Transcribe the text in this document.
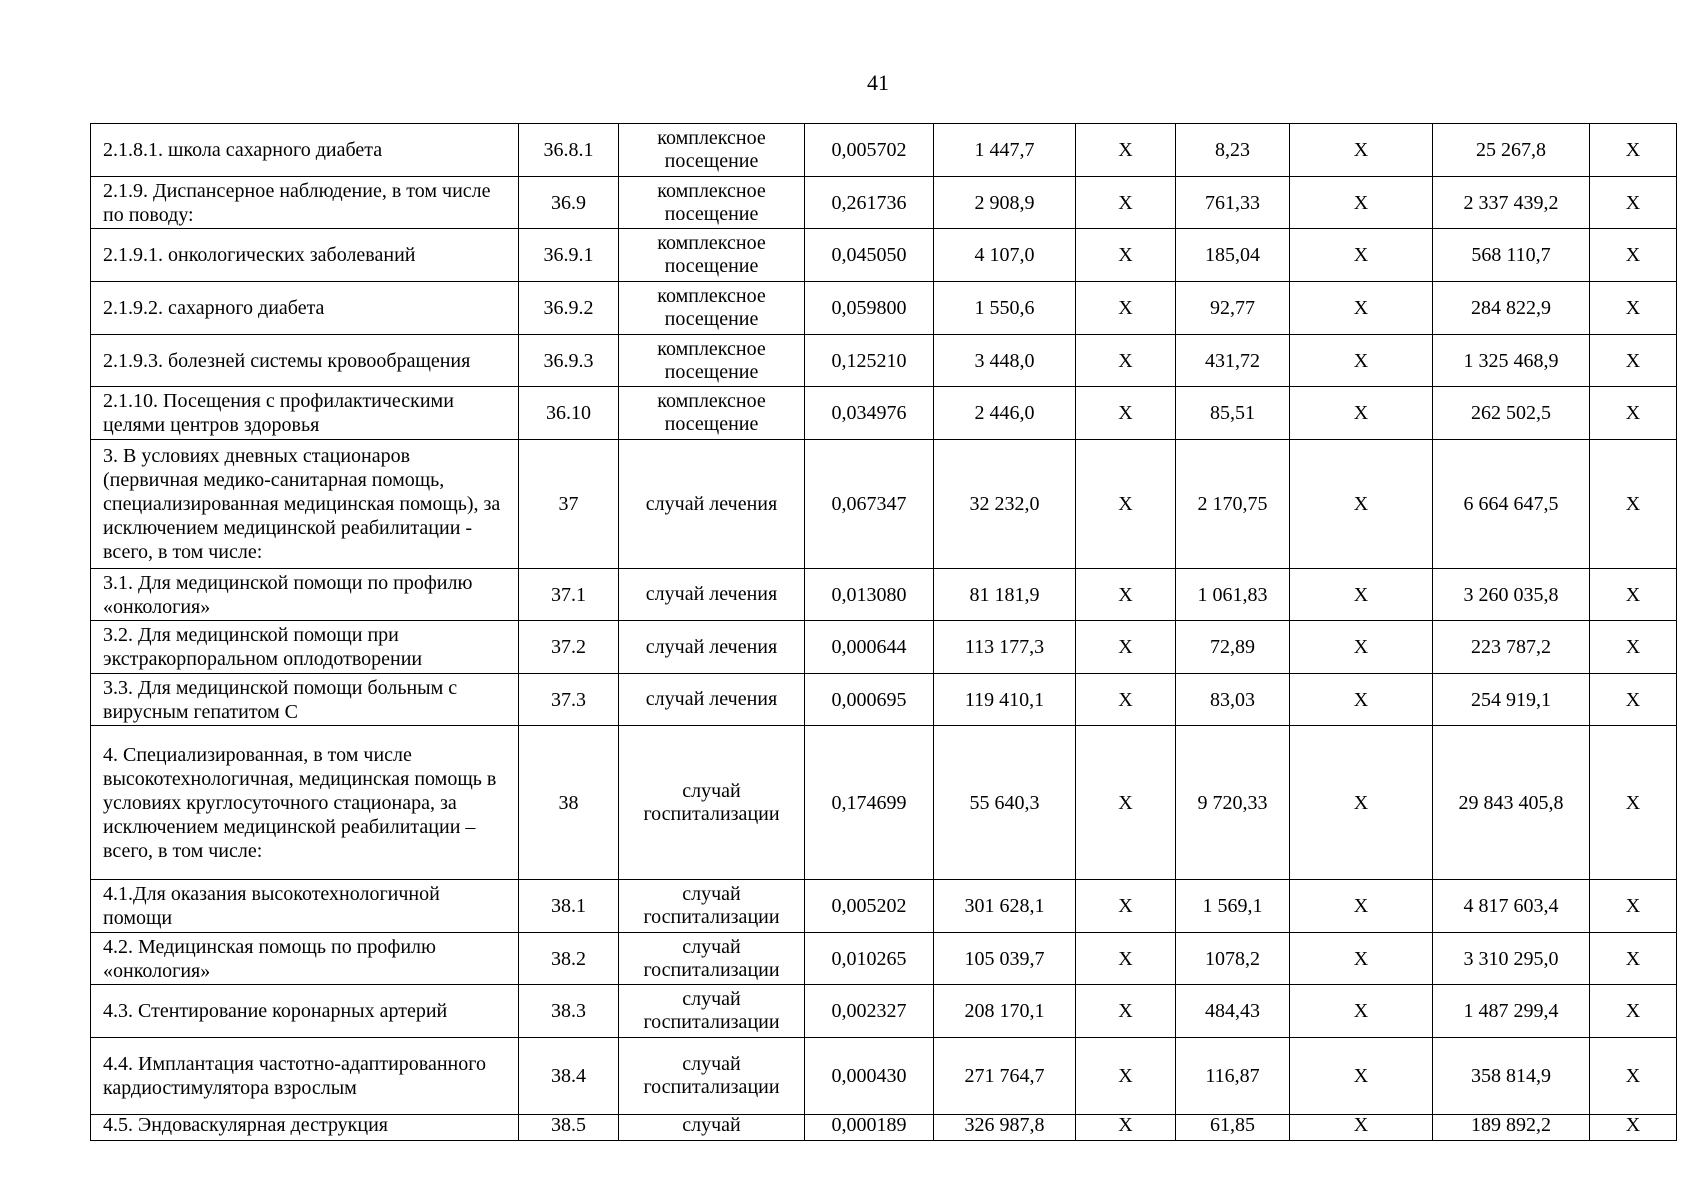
41
2.1.8.1. школа сахарного диабета	36.8.1	комплексное посещение	0,005702	1 447,7	Х	8,23	Х	25 267,8	Х
2.1.9. Диспансерное наблюдение, в том числе по поводу:	36.9	комплексное посещение	0,261736	2 908,9	Х	761,33	Х	2 337 439,2	Х
2.1.9.1. онкологических заболеваний	36.9.1	комплексное посещение	0,045050	4 107,0	Х	185,04	Х	568 110,7	Х
2.1.9.2. сахарного диабета	36.9.2	комплексное посещение	0,059800	1 550,6	Х	92,77	Х	284 822,9	Х
2.1.9.3. болезней системы кровообращения	36.9.3	комплексное посещение	0,125210	3 448,0	Х	431,72	Х	1 325 468,9	Х
2.1.10. Посещения с профилактическими целями центров здоровья	36.10	комплексное посещение	0,034976	2 446,0	Х	85,51	Х	262 502,5	Х
3. В условиях дневных стационаров (первичная медико-санитарная помощь, специализированная медицинская помощь), за исключением медицинской реабилитации - всего, в том числе:	37	случай лечения	0,067347	32 232,0	Х	2 170,75	Х	6 664 647,5	Х
3.1. Для медицинской помощи по профилю «онкология»	37.1	случай лечения	0,013080	81 181,9	Х	1 061,83	Х	3 260 035,8	Х
3.2. Для медицинской помощи при экстракорпоральном оплодотворении	37.2	случай лечения	0,000644	113 177,3	Х	72,89	Х	223 787,2	Х
3.3. Для медицинской помощи больным с вирусным гепатитом С	37.3	случай лечения	0,000695	119 410,1	Х	83,03	Х	254 919,1	Х
4. Специализированная, в том числе высокотехнологичная, медицинская помощь в условиях круглосуточного стационара, за исключением медицинской реабилитации – всего, в том числе:	38	случай госпитализации	0,174699	55 640,3	Х	9 720,33	Х	29 843 405,8	Х
4.1.Для оказания высокотехнологичной помощи	38.1	случай госпитализации	0,005202	301 628,1	Х	1 569,1	Х	4 817 603,4	Х
4.2. Медицинская помощь по профилю «онкология»	38.2	случай госпитализации	0,010265	105 039,7	Х	1078,2	Х	3 310 295,0	Х
4.3. Стентирование коронарных артерий	38.3	случай госпитализации	0,002327	208 170,1	Х	484,43	Х	1 487 299,4	Х
4.4. Имплантация частотно-адаптированного кардиостимулятора взрослым	38.4	случай госпитализации	0,000430	271 764,7	Х	116,87	Х	358 814,9	Х
4.5. Эндоваскулярная деструкция	38.5	случай	0,000189	326 987,8	Х	61,85	Х	189 892,2	Х
